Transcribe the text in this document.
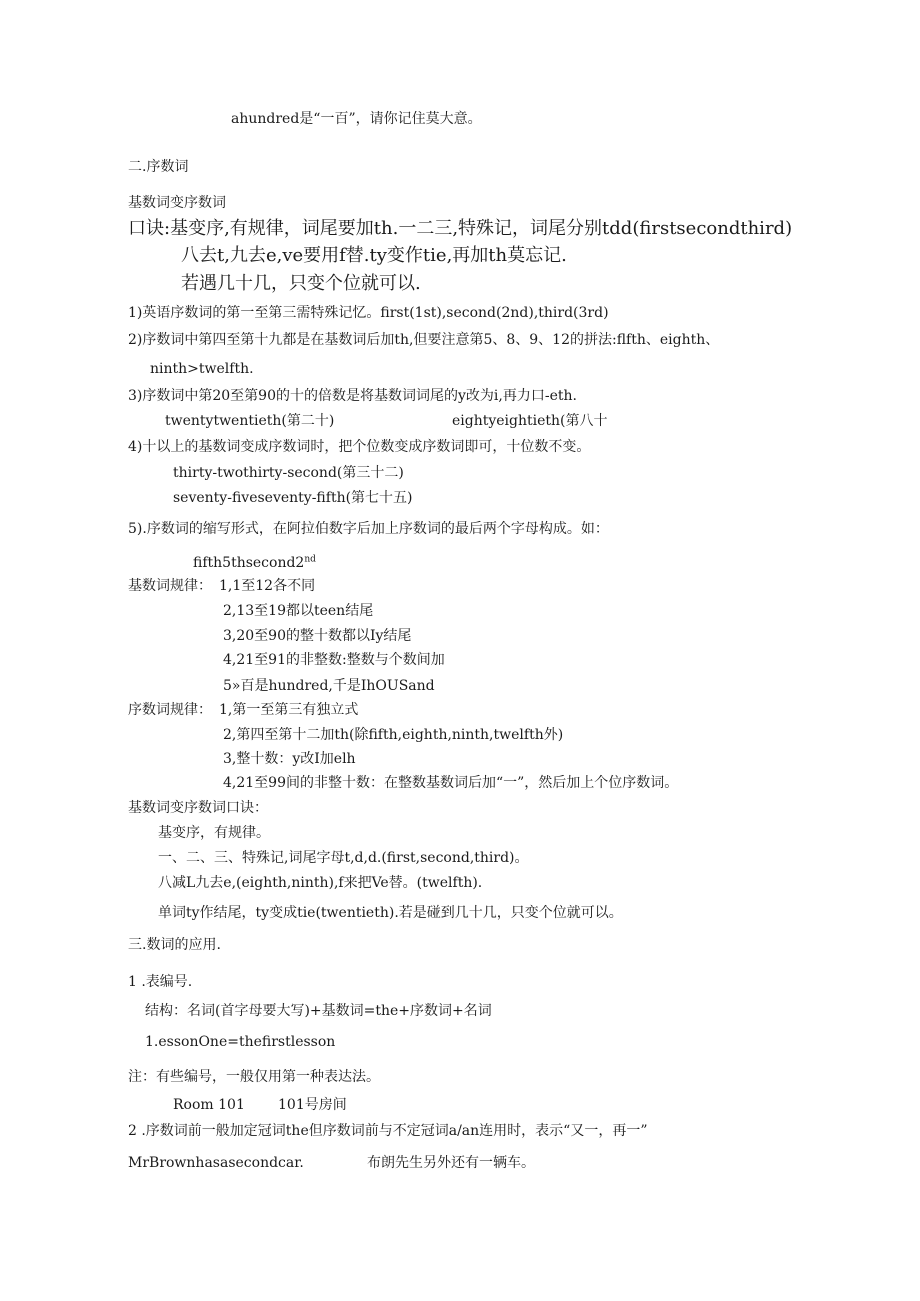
ahundred是“一百”，请你记住莫大意。
二.序数词
基数词变序数词
口诀:基变序,有规律，词尾要加th.一二三,特殊记，词尾分别tdd(firstsecondthird)
八去t,九去e,ve要用f替.ty变作tie,再加th莫忘记.
若遇几十几，只变个位就可以.
1)英语序数词的第一至第三需特殊记忆。first(1st),second(2nd),third(3rd)
2)序数词中第四至第十九都是在基数词后加th,但要注意第5、8、9、12的拼法:flfth、eighth、
ninth>twelfth.
3)序数词中第20至第90的十的倍数是将基数词词尾的y改为i,再力口-eth.
twentytwentieth(第二十)	eightyeightieth(第八十
4)十以上的基数词变成序数词时，把个位数变成序数词即可，十位数不变。
thirty-twothirty-second(第三十二)
seventy-fiveseventy-fifth(第七十五)
5).序数词的缩写形式，在阿拉伯数字后加上序数词的最后两个字母构成。如：
fifth5thsecond2nd
基数词规律： 1,1至12各不同
2,13至19都以teen结尾
3,20至90的整十数都以Iy结尾
4,21至91的非整数:整数与个数间加
5»百是hundred,千是IhOUSand
序数词规律： 1,第一至第三有独立式
2,第四至第十二加th(除fifth,eighth,ninth,twelfth外)
3,整十数：y改I加elh
4,21至99间的非整十数：在整数基数词后加“一”，然后加上个位序数词。
基数词变序数词口诀：
基变序，有规律。
一、二、三、特殊记,词尾字母t,d,d.(first,second,third)。
八减L九去e,(eighth,ninth),f来把Ve替。(twelfth).
单词ty作结尾，ty变成tie(twentieth).若是碰到几十几，只变个位就可以。
三.数词的应用.
1 .表编号.
结构：名词(首字母要大写)+基数词=the+序数词+名词
1.essonOne=thefirstlesson
注：有些编号，一般仅用第一种表达法。
Room 101 101号房间
2 .序数词前一般加定冠词the但序数词前与不定冠词a/an连用时，表示“又一，再一”
MrBrownhasasecondcar.	布朗先生另外还有一辆车。
